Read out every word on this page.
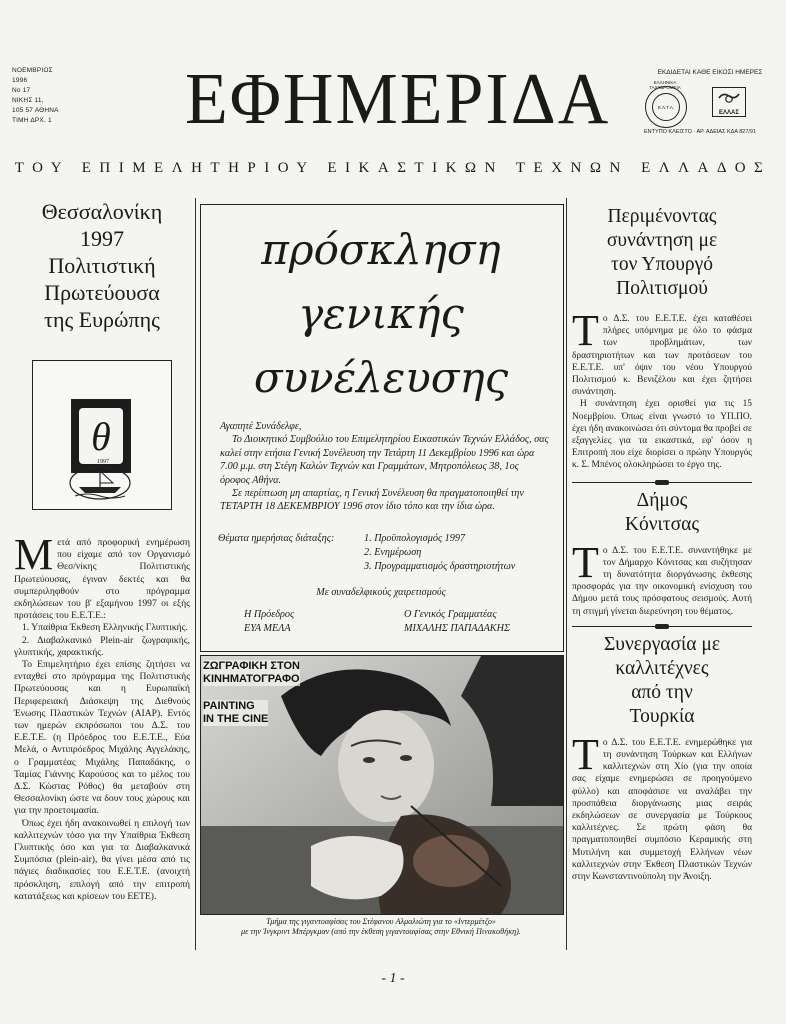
ΝΟΕΜΒΡΙΟΣ
1996
Νο 17
ΝΙΚΗΣ 11,
105 57 ΑΘΗΝΑ
ΤΙΜΗ ΔΡΧ. 1 ΕΦΗΜΕΡΙΔΑ	ΕΚΔΙΔΕΤΑΙ ΚΑΘΕ ΕΙΚΟΣΙ ΗΜΕΡΕΣ
Ε.Λ.Τ.Α.
ΕΛΛΗΝΙΚΑ ΤΑΧΥΔΡΟΜΕΙΑ
ΕΛΛΑΣ
ΕΝΤΥΠΟ ΚΛΕΙΣΤΟ · ΑΡ. ΑΔΕΙΑΣ ΚΔΑ 827/91
ΤΟΥ ΕΠΙΜΕΛΗΤΗΡΙΟΥ ΕΙΚΑΣΤΙΚΩΝ ΤΕΧΝΩΝ ΕΛΛΑΔΟΣ
Θεσσαλονίκη
1997
Πολιτιστική
Πρωτεύουσα
της Ευρώπης
θ
1997

Μετά από προφορική ενημέρωση που είχαμε από τον Οργανισμό Θεσ/νίκης Πολιτιστικής Πρωτεύουσας, έγιναν δεκτές και θα συμπεριληφθούν στο πρόγραμμα εκδηλώσεων του β' εξαμήνου 1997 οι εξής προτάσεις του Ε.Ε.Τ.Ε.:

1. Υπαίθρια Έκθεση Ελληνικής Γλυπτικής.

2. Διαβαλκανικό Plein-air ζωγραφικής, γλυπτικής, χαρακτικής.

Το Επιμελητήριο έχει επίσης ζητήσει να ενταχθεί στο πρόγραμμα της Πολιτιστικής Πρωτεύουσας και η Ευρωπαϊκή Περιφερειακή Διάσκεψη της Διεθνούς Ένωσης Πλαστικών Τεχνών (AIAP). Εντός των ημερών εκπρόσωποι του Δ.Σ. του Ε.Ε.Τ.Ε. (η Πρόεδρος του Ε.Ε.Τ.Ε., Εύα Μελά, ο Αντιπρόεδρος Μιχάλης Αγγελάκης, ο Γραμματέας Μιχάλης Παπαδάκης, ο Ταμίας Γιάννης Καρούσος και το μέλος του Δ.Σ. Κώστας Ρόθος) θα μεταβούν στη Θεσσαλονίκη ώστε να δουν τους χώρους και για την προετοιμασία.

Όπως έχει ήδη ανακοινωθεί η επιλογή των καλλιτεχνών τόσο για την Υπαίθρια Έκθεση Γλυπτικής όσο και για τα Διαβαλκανικά Συμπόσια (plein-air), θα γίνει μέσα από τις πάγιες διαδικασίες του Ε.Ε.Τ.Ε. (ανοιχτή πρόσκληση, επιλογή από την επιτροπή κατατάξεως και κρίσεων του ΕΕΤΕ).

πρόσκληση
γενικής
συνέλευσης

Αγαπητέ Συνάδελφε,

Το Διοικητικό Συμβούλιο του Επιμελητηρίου Εικαστικών Τεχνών Ελλάδος, σας καλεί στην ετήσια Γενική Συνέλευση την Τετάρτη 11 Δεκεμβρίου 1996 και ώρα 7.00 μ.μ. στη Στέγη Καλών Τεχνών και Γραμμάτων, Μητροπόλεως 38, 1ος όροφος Αθήνα.

Σε περίπτωση μη απαρτίας, η Γενική Συνέλευση θα πραγματοποιηθεί την ΤΕΤΑΡΤΗ 18 ΔΕΚΕΜΒΡΙΟΥ 1996 στον ίδιο τόπο και την ίδια ώρα.

Θέματα ημερήσιας διάταξης:	1. Προϋπολογισμός 1997
2. Ενημέρωση
3. Προγραμματισμός δραστηριοτήτων
Με συναδελφικούς χαιρετισμούς
Η Πρόεδρος
ΕΥΑ ΜΕΛΑ
Ο Γενικός Γραμματέας
ΜΙΧΑΛΗΣ ΠΑΠΑΔΑΚΗΣ
ΖΩΓΡΑΦΙΚΗ ΣΤΟΝ
ΚΙΝΗΜΑΤΟΓΡΑΦΟ
PAINTING
IN THE CINE
Τμήμα της γιγαντοαφίσας του Στέφανου Αλμαλιώτη για το «Ιντερμέτζο»
με την Ίνγκριντ Μπέργκμαν (από την έκθεση γιγαντοαφίσας στην Εθνική Πινακοθήκη).
Περιμένοντας
συνάντηση με
τον Υπουργό
Πολιτισμού

Το Δ.Σ. του Ε.Ε.Τ.Ε. έχει καταθέσει πλήρες υπόμνημα με όλο το φάσμα των προβλημάτων, των δραστηριοτήτων και των προτάσεων του Ε.Ε.Τ.Ε. υπ' όψιν του νέου Υπουργού Πολιτισμού κ. Βενιζέλου και έχει ζητήσει συνάντηση.

Η συνάντηση έχει ορισθεί για τις 15 Νοεμβρίου. Όπως είναι γνωστό το ΥΠ.ΠΟ. έχει ήδη ανακοινώσει ότι σύντομα θα προβεί σε εξαγγελίες για τα εικαστικά, εφ' όσον η Επιτροπή που είχε διορίσει ο πρώην Υπουργός κ. Σ. Μπένος ολοκληρώσει το έργο της.

Δήμος
Κόνιτσας

Το Δ.Σ. του Ε.Ε.Τ.Ε. συναντήθηκε με τον Δήμαρχο Κόνιτσας και συζήτησαν τη δυνατότητα διοργάνωσης έκθεσης προσφοράς για την οικονομική ενίσχυση του Δήμου μετά τους πρόσφατους σεισμούς. Αυτή τη στιγμή γίνεται διερεύνηση του θέματος.

Συνεργασία με
καλλιτέχνες
από την
Τουρκία

Το Δ.Σ. του Ε.Ε.Τ.Ε. ενημερώθηκε για τη συνάντηση Τούρκων και Ελλήνων καλλιτεχνών στη Χίο (για την οποία σας είχαμε ενημερώσει σε προηγούμενο φύλλο) και αποφάσισε να αναλάβει την προσπάθεια διοργάνωσης μιας σειράς εκδηλώσεων σε συνεργασία με Τούρκους καλλιτέχνες. Σε πρώτη φάση θα πραγματοποιηθεί συμπόσιο Κεραμικής στη Μυτιλήνη και συμμετοχή Ελλήνων νέων καλλιτεχνών στην Έκθεση Πλαστικών Τεχνών στην Κωνσταντινούπολη την Άνοιξη.

- 1 -
